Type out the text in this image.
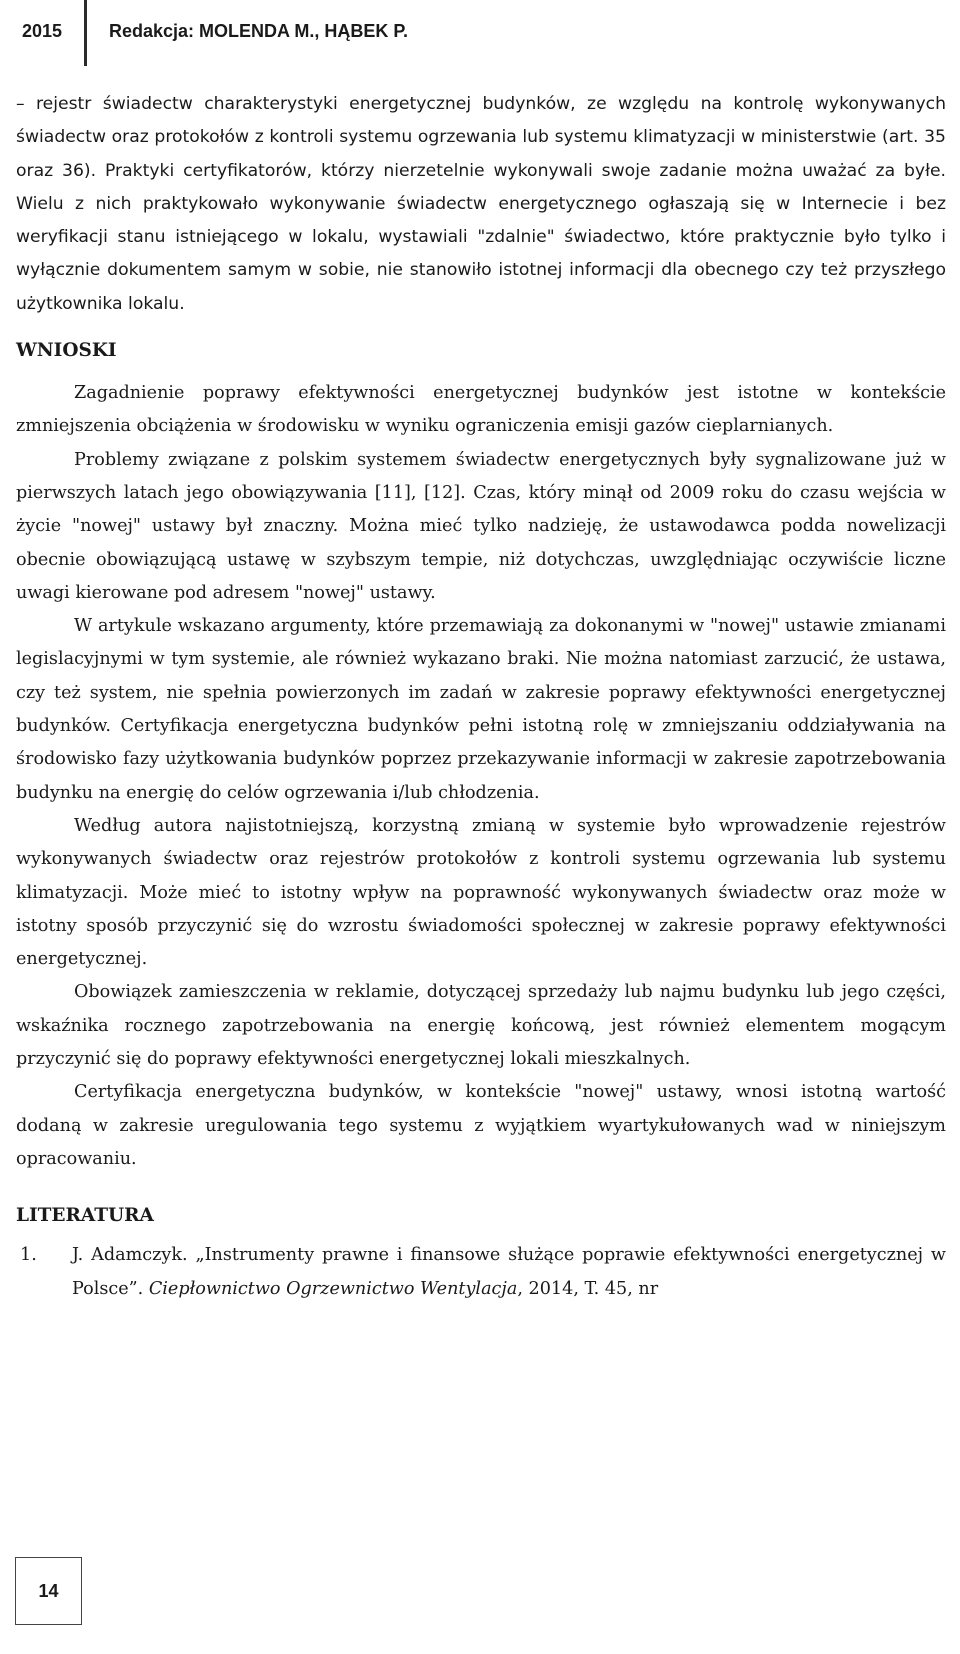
2015	Redakcja: MOLENDA M., HĄBEK P.

– rejestr świadectw charakterystyki energetycznej budynków, ze względu na kontrolę wykonywanych świadectw oraz protokołów z kontroli systemu ogrzewania lub systemu klimatyzacji w ministerstwie (art. 35 oraz 36). Praktyki certyfikatorów, którzy nierzetelnie wykonywali swoje zadanie można uważać za byłe. Wielu z nich praktykowało wykonywanie świadectw energetycznego ogłaszają się w Internecie i bez weryfikacji stanu istniejącego w lokalu, wystawiali "zdalnie" świadectwo, które praktycznie było tylko i wyłącznie dokumentem samym w sobie, nie stanowiło istotnej informacji dla obecnego czy też przyszłego użytkownika lokalu.

WNIOSKI

Zagadnienie poprawy efektywności energetycznej budynków jest istotne w kontekście zmniejszenia obciążenia w środowisku w wyniku ograniczenia emisji gazów cieplarnianych.

Problemy związane z polskim systemem świadectw energetycznych były sygnalizowane już w pierwszych latach jego obowiązywania [11], [12]. Czas, który minął od 2009 roku do czasu wejścia w życie "nowej" ustawy był znaczny. Można mieć tylko nadzieję, że ustawodawca podda nowelizacji obecnie obowiązującą ustawę w szybszym tempie, niż dotychczas, uwzględniając oczywiście liczne uwagi kierowane pod adresem "nowej" ustawy.

W artykule wskazano argumenty, które przemawiają za dokonanymi w "nowej" ustawie zmianami legislacyjnymi w tym systemie, ale również wykazano braki. Nie można natomiast zarzucić, że ustawa, czy też system, nie spełnia powierzonych im zadań w zakresie poprawy efektywności energetycznej budynków. Certyfikacja energetyczna budynków pełni istotną rolę w zmniejszaniu oddziaływania na środowisko fazy użytkowania budynków poprzez przekazywanie informacji w zakresie zapotrzebowania budynku na energię do celów ogrzewania i/lub chłodzenia.

Według autora najistotniejszą, korzystną zmianą w systemie było wprowadzenie rejestrów wykonywanych świadectw oraz rejestrów protokołów z kontroli systemu ogrzewania lub systemu klimatyzacji. Może mieć to istotny wpływ na poprawność wykonywanych świadectw oraz może w istotny sposób przyczynić się do wzrostu świadomości społecznej w zakresie poprawy efektywności energetycznej.

Obowiązek zamieszczenia w reklamie, dotyczącej sprzedaży lub najmu budynku lub jego części, wskaźnika rocznego zapotrzebowania na energię końcową, jest również elementem mogącym przyczynić się do poprawy efektywności energetycznej lokali mieszkalnych.

Certyfikacja energetyczna budynków, w kontekście "nowej" ustawy, wnosi istotną wartość dodaną w zakresie uregulowania tego systemu z wyjątkiem wyartykułowanych wad w niniejszym opracowaniu.

LITERATURA
1. J. Adamczyk. „Instrumenty prawne i finansowe służące poprawie efektywności energetycznej w Polsce”. Ciepłownictwo Ogrzewnictwo Wentylacja, 2014, T. 45, nr
14
